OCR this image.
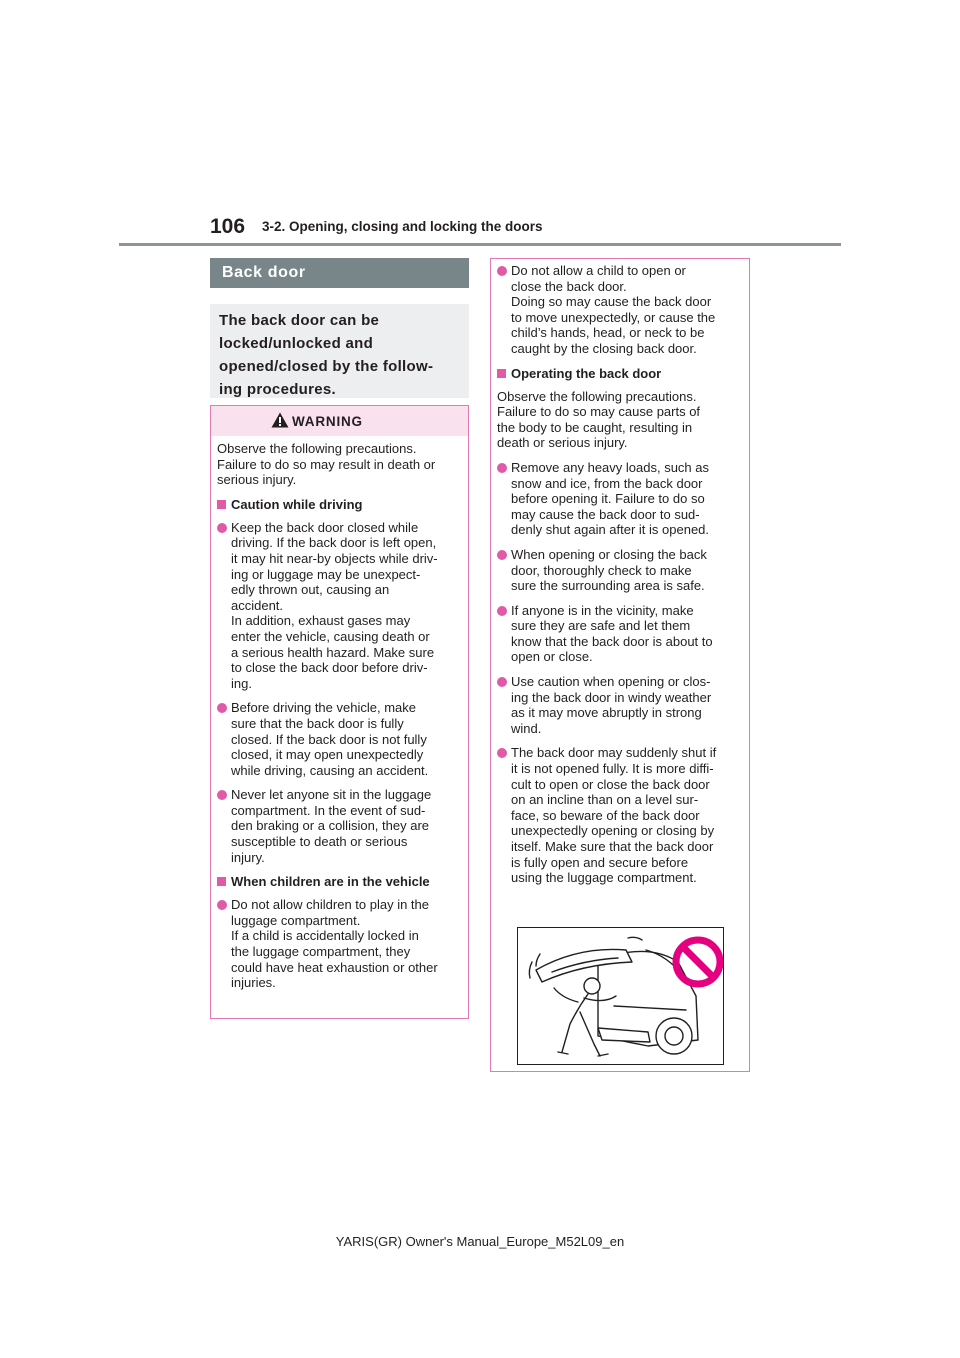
106 3-2. Opening, closing and locking the doors
Back door

The back door can be
locked/unlocked and
opened/closed by the follow-
ing procedures.

WARNING
Observe the following precautions.
Failure to do so may result in death or
serious injury.
Caution while driving
Keep the back door closed while
driving. If the back door is left open,
it may hit near-by objects while driv-
ing or luggage may be unexpect-
edly thrown out, causing an
accident.
In addition, exhaust gases may
enter the vehicle, causing death or
a serious health hazard. Make sure
to close the back door before driv-
ing.
Before driving the vehicle, make
sure that the back door is fully
closed. If the back door is not fully
closed, it may open unexpectedly
while driving, causing an accident.
Never let anyone sit in the luggage
compartment. In the event of sud-
den braking or a collision, they are
susceptible to death or serious
injury.
When children are in the vehicle
Do not allow children to play in the
luggage compartment.
If a child is accidentally locked in
the luggage compartment, they
could have heat exhaustion or other
injuries.
Do not allow a child to open or
close the back door.
Doing so may cause the back door
to move unexpectedly, or cause the
child’s hands, head, or neck to be
caught by the closing back door.
Operating the back door
Observe the following precautions.
Failure to do so may cause parts of
the body to be caught, resulting in
death or serious injury.
Remove any heavy loads, such as
snow and ice, from the back door
before opening it. Failure to do so
may cause the back door to sud-
denly shut again after it is opened.
When opening or closing the back
door, thoroughly check to make
sure the surrounding area is safe.
If anyone is in the vicinity, make
sure they are safe and let them
know that the back door is about to
open or close.
Use caution when opening or clos-
ing the back door in windy weather
as it may move abruptly in strong
wind.
The back door may suddenly shut if
it is not opened fully. It is more diffi-
cult to open or close the back door
on an incline than on a level sur-
face, so beware of the back door
unexpectedly opening or closing by
itself. Make sure that the back door
is fully open and secure before
using the luggage compartment.
YARIS(GR) Owner's Manual_Europe_M52L09_en
